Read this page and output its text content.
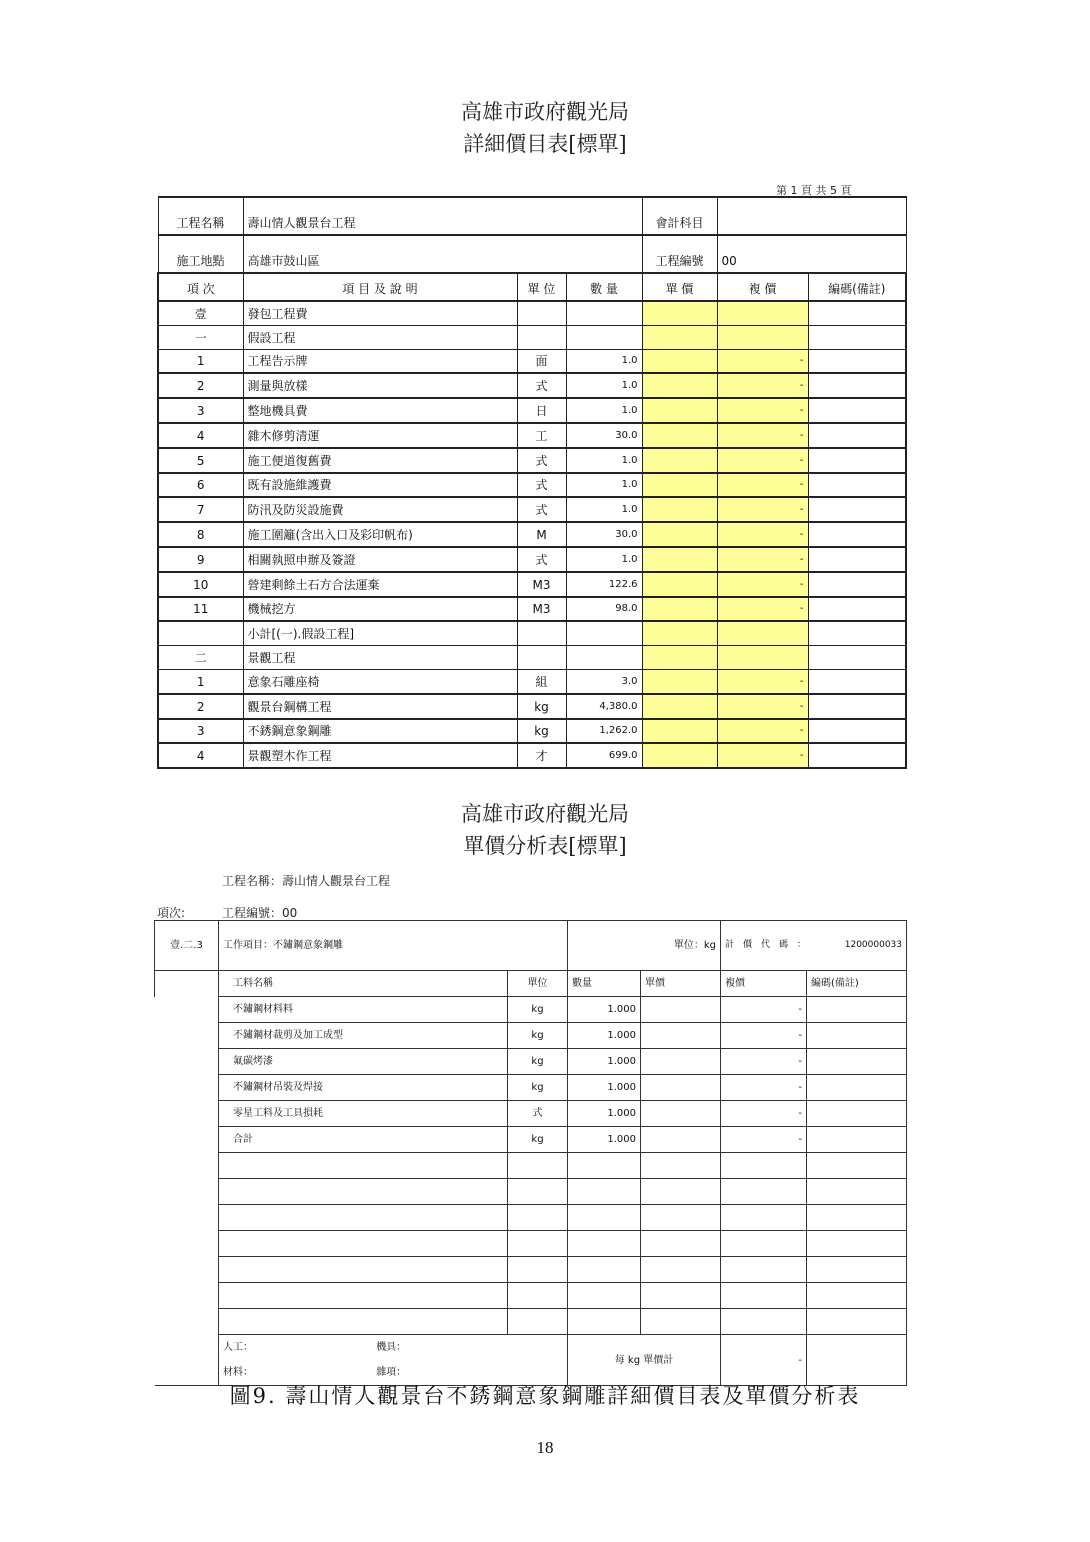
高雄市政府觀光局
詳細價目表[標單]
第 1 頁 共 5 頁
工程名稱	壽山情人觀景台工程			會計科目		
施工地點	高雄市鼓山區			工程編號	00	
項 次	項 目 及 說 明	單 位	數 量	單 價	複 價	編碼(備註)
壹	發包工程費					
一	假設工程					
1	工程告示牌	面	1.0		-	
2	測量與放樣	式	1.0		-	
3	整地機具費	日	1.0		-	
4	雜木修剪清運	工	30.0		-	
5	施工便道復舊費	式	1.0		-	
6	既有設施維護費	式	1.0		-	
7	防汛及防災設施費	式	1.0		-	
8	施工圍籬(含出入口及彩印帆布)	M	30.0		-	
9	相關執照申辦及簽證	式	1.0		-	
10	營建剩餘土石方合法運棄	M3	122.6		-	
11	機械挖方	M3	98.0		-	
	小計[(一).假設工程]					
二	景觀工程					
1	意象石雕座椅	組	3.0		-	
2	觀景台鋼構工程	kg	4,380.0		-	
3	不銹鋼意象鋼雕	kg	1,262.0		-	
4	景觀塑木作工程	才	699.0		-	
高雄市政府觀光局
單價分析表[標單]
工程名稱：壽山情人觀景台工程
項次:	工程編號：00
壹.二.3	工作項目：不鏽鋼意象鋼雕		單位：kg		計　價　代　碼　： 1200000033	

	工料名稱	單位	數量	單價	複價	編碼(備註)
	不鏽鋼材料料	kg	1.000		-	
	不鏽鋼材裁剪及加工成型	kg	1.000		-	
	氟碳烤漆	kg	1.000		-	
	不鏽鋼材吊裝及焊接	kg	1.000		-	
	零星工料及工具損耗	式	1.000		-	
	合計	kg	1.000		-	

	人工： 機具：		每 kg 單價計		-	
	材料： 雜項：					
圖9. 壽山情人觀景台不銹鋼意象鋼雕詳細價目表及單價分析表
18
